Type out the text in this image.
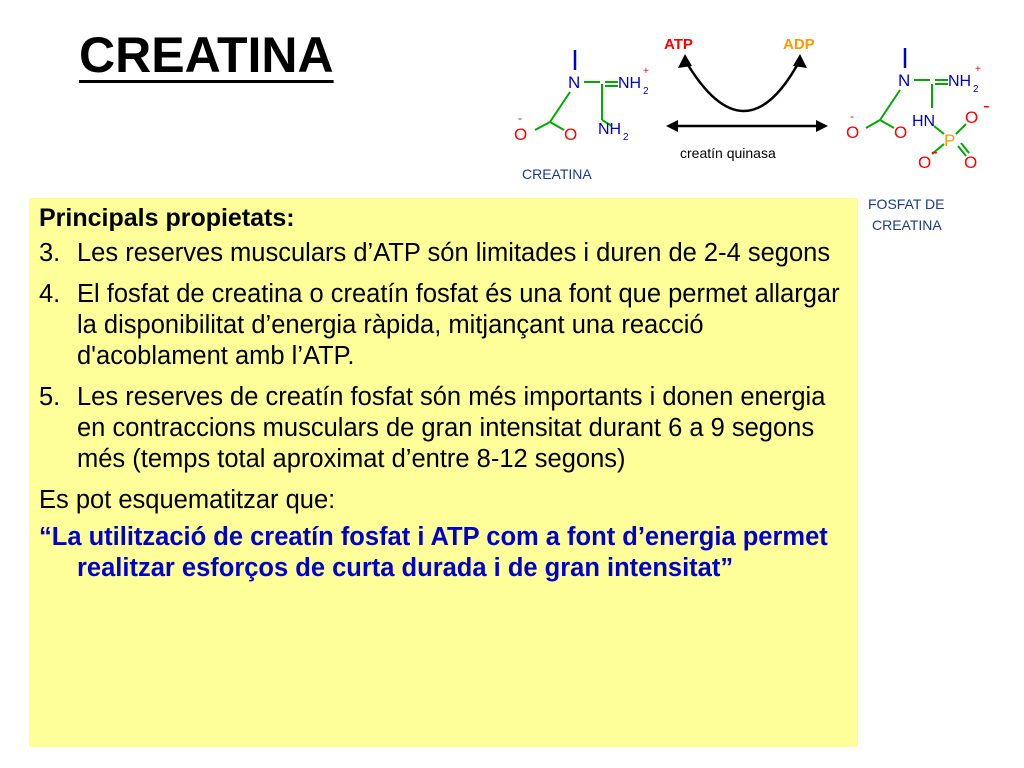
CREATINA	N NH 2
+
NH 2
O O
-
CREATINA
ATP	ADP
creatín quinasa
N NH 2
+
HN
P
O
-
O - O
O O
-
FOSFAT DE
CREATINA

Principals propietats:

3. Les reserves musculars d’ATP són limitades i duren de 2-4 segons
4. El fosfat de creatina o creatín fosfat és una font que permet allargar la disponibilitat d’energia ràpida, mitjançant una reacció d'acoblament amb l’ATP.
5. Les reserves de creatín fosfat són més importants i donen energia en contraccions musculars de gran intensitat durant 6 a 9 segons més (temps total aproximat d’entre 8-12 segons)

Es pot esquematitzar que:

“La utilització de creatín fosfat i ATP com a font d’energia permet realitzar esforços de curta durada i de gran intensitat”
